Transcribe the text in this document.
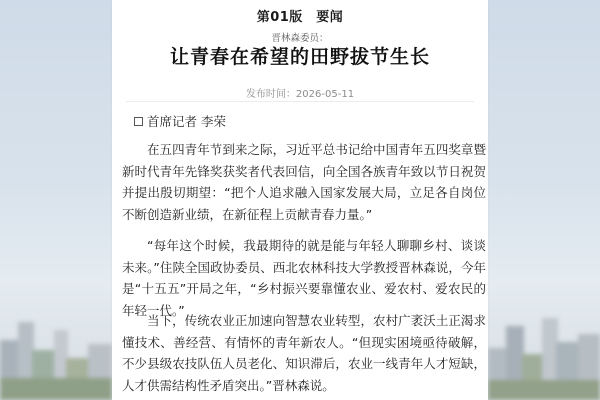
第01版　要闻
晋林森委员：
让青春在希望的田野拔节生长
发布时间：2026-05-11
首席记者 李荣

在五四青年节到来之际，习近平总书记给中国青年五四奖章暨新时代青年先锋奖获奖者代表回信，向全国各族青年致以节日祝贺并提出殷切期望：“把个人追求融入国家发展大局，立足各自岗位不断创造新业绩，在新征程上贡献青春力量。”

“每年这个时候，我最期待的就是能与年轻人聊聊乡村、谈谈未来。”住陕全国政协委员、西北农林科技大学教授晋林森说，今年是“十五五”开局之年，“乡村振兴要靠懂农业、爱农村、爱农民的年轻一代。”

当下，传统农业正加速向智慧农业转型，农村广袤沃土正渴求懂技术、善经营、有情怀的青年新农人。“但现实困境亟待破解，不少县级农技队伍人员老化、知识滞后，农业一线青年人才短缺，人才供需结构性矛盾突出。”晋林森说。
